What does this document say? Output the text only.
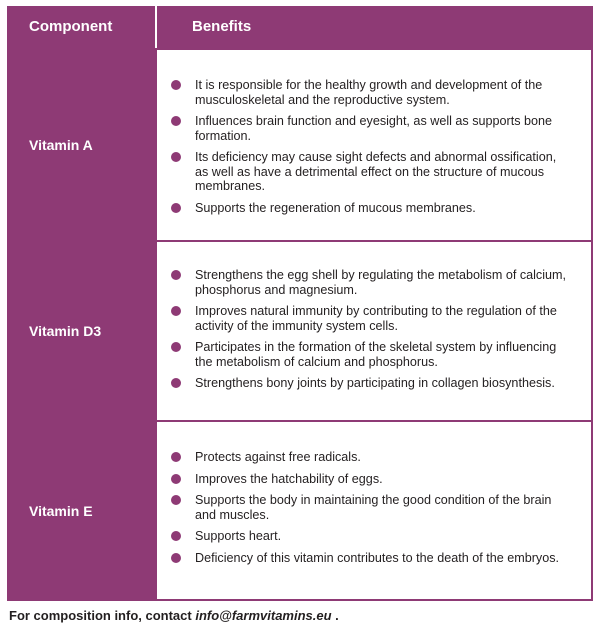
Component	Benefits
Vitamin A
It is responsible for the healthy growth and development of the musculoskeletal and the reproductive system.
Influences brain function and eyesight, as well as supports bone formation.
Its deficiency may cause sight defects and abnormal ossification, as well as have a detrimental effect on the structure of mucous membranes.
Supports the regeneration of mucous membranes.
Vitamin D3
Strengthens the egg shell by regulating the metabolism of calcium, phosphorus and magnesium.
Improves natural immunity by contributing to the regulation of the activity of the immunity system cells.
Participates in the formation of the skeletal system by influencing the metabolism of calcium and phosphorus.
Strengthens bony joints by participating in collagen biosynthesis.
Vitamin E
Protects against free radicals.
Improves the hatchability of eggs.
Supports the body in maintaining the good condition of the brain and muscles.
Supports heart.
Deficiency of this vitamin contributes to the death of the embryos.
For composition info, contact info@farmvitamins.eu .
